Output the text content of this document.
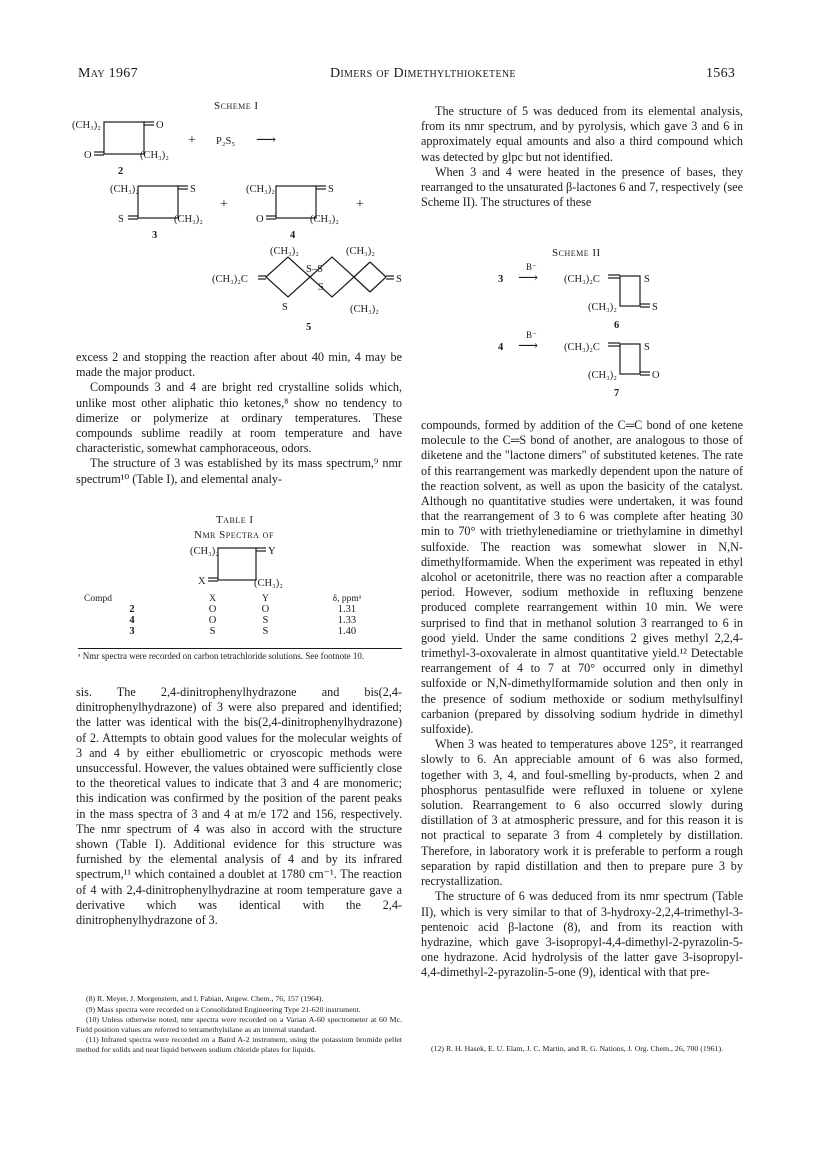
May 1967	Dimers of Dimethylthioketene	1563
Scheme I
(CH₃)₂	O
O	(CH₃)₂
2
+ P₂S₅ ⟶
(CH₃)₂	S
S	(CH₃)₂
3
+
(CH₃)₂	S
O	(CH₃)₂
4
+
(CH₃)₂	(CH₃)₂
(CH₃)₂C
S
S–S
S
S
(CH₃)₂
5

excess 2 and stopping the reaction after about 40 min, 4 may be made the major product.

Compounds 3 and 4 are bright red crystalline solids which, unlike most other aliphatic thio ketones,⁸ show no tendency to dimerize or polymerize at ordinary temperatures. These compounds sublime readily at room temperature and have characteristic, somewhat camphoraceous, odors.

The structure of 3 was established by its mass spectrum,⁹ nmr spectrum¹⁰ (Table I), and elemental analy-

Table I
Nmr Spectra of
(CH₃)₂	Y
X	(CH₃)₂
Compd	X	Y	δ, ppmᵃ
2	O	O	1.31
4	O	S	1.33
3	S	S	1.40
ᵃ Nmr spectra were recorded on carbon tetrachloride solutions. See footnote 10.

sis. The 2,4-dinitrophenylhydrazone and bis(2,4-dinitrophenylhydrazone) of 3 were also prepared and identified; the latter was identical with the bis(2,4-dinitrophenylhydrazone) of 2. Attempts to obtain good values for the molecular weights of 3 and 4 by either ebulliometric or cryoscopic methods were unsuccessful. However, the values obtained were sufficiently close to the theoretical values to indicate that 3 and 4 are monomeric; this indication was confirmed by the position of the parent peaks in the mass spectra of 3 and 4 at m/e 172 and 156, respectively. The nmr spectrum of 4 was also in accord with the structure shown (Table I). Additional evidence for this structure was furnished by the elemental analysis of 4 and by its infrared spectrum,¹¹ which contained a doublet at 1780 cm⁻¹. The reaction of 4 with 2,4-dinitrophenylhydrazine at room temperature gave a derivative which was identical with the 2,4-dinitrophenylhydrazone of 3.

(8) R. Meyer, J. Morgenstern, and I. Fabian, Angew. Chem., 76, 157 (1964).

(9) Mass spectra were recorded on a Consolidated Engineering Type 21-620 instrument.

(10) Unless otherwise noted, nmr spectra were recorded on a Varian A-60 spectrometer at 60 Mc. Field position values are referred to tetramethylsilane as an internal standard.

(11) Infrared spectra were recorded on a Baird A-2 instrument, using the potassium bromide pellet method for solids and neat liquid between sodium chloride plates for liquids.

The structure of 5 was deduced from its elemental analysis, from its nmr spectrum, and by pyrolysis, which gave 3 and 6 in approximately equal amounts and also a third compound which was detected by glpc but not identified.

When 3 and 4 were heated in the presence of bases, they rearranged to the unsaturated β-lactones 6 and 7, respectively (see Scheme II). The structures of these

Scheme II
3
B⁻
⟶ (CH₃)₂C	S
(CH₃)₂	S
6
4
B⁻
⟶ (CH₃)₂C	S
(CH₃)₂	O
7

compounds, formed by addition of the C═C bond of one ketene molecule to the C═S bond of another, are analogous to those of diketene and the "lactone dimers" of substituted ketenes. The rate of this rearrangement was markedly dependent upon the nature of the reaction solvent, as well as upon the basicity of the catalyst. Although no quantitative studies were undertaken, it was found that the rearrangement of 3 to 6 was complete after heating 30 min to 70° with triethylenediamine or triethylamine in dimethyl sulfoxide. The reaction was somewhat slower in N,N-dimethylformamide. When the experiment was repeated in ethyl alcohol or acetonitrile, there was no reaction after a comparable period. However, sodium methoxide in refluxing benzene produced complete rearrangement within 10 min. We were surprised to find that in methanol solution 3 rearranged to 6 in good yield. Under the same conditions 2 gives methyl 2,2,4-trimethyl-3-oxovalerate in almost quantitative yield.¹² Detectable rearrangement of 4 to 7 at 70° occurred only in dimethyl sulfoxide or N,N-dimethylformamide solution and then only in the presence of sodium methoxide or sodium methylsulfinyl carbanion (prepared by dissolving sodium hydride in dimethyl sulfoxide).

When 3 was heated to temperatures above 125°, it rearranged slowly to 6. An appreciable amount of 6 was also formed, together with 3, 4, and foul-smelling by-products, when 2 and phosphorus pentasulfide were refluxed in toluene or xylene solution. Rearrangement to 6 also occurred slowly during distillation of 3 at atmospheric pressure, and for this reason it is not practical to separate 3 from 4 completely by distillation. Therefore, in laboratory work it is preferable to perform a rough separation by rapid distillation and then to prepare pure 3 by recrystallization.

The structure of 6 was deduced from its nmr spectrum (Table II), which is very similar to that of 3-hydroxy-2,2,4-trimethyl-3-pentenoic acid β-lactone (8), and from its reaction with hydrazine, which gave 3-isopropyl-4,4-dimethyl-2-pyrazolin-5-one hydrazone. Acid hydrolysis of the latter gave 3-isopropyl-4,4-dimethyl-2-pyrazolin-5-one (9), identical with that pre-

(12) R. H. Hasek, E. U. Elam, J. C. Martin, and R. G. Nations, J. Org. Chem., 26, 700 (1961).
